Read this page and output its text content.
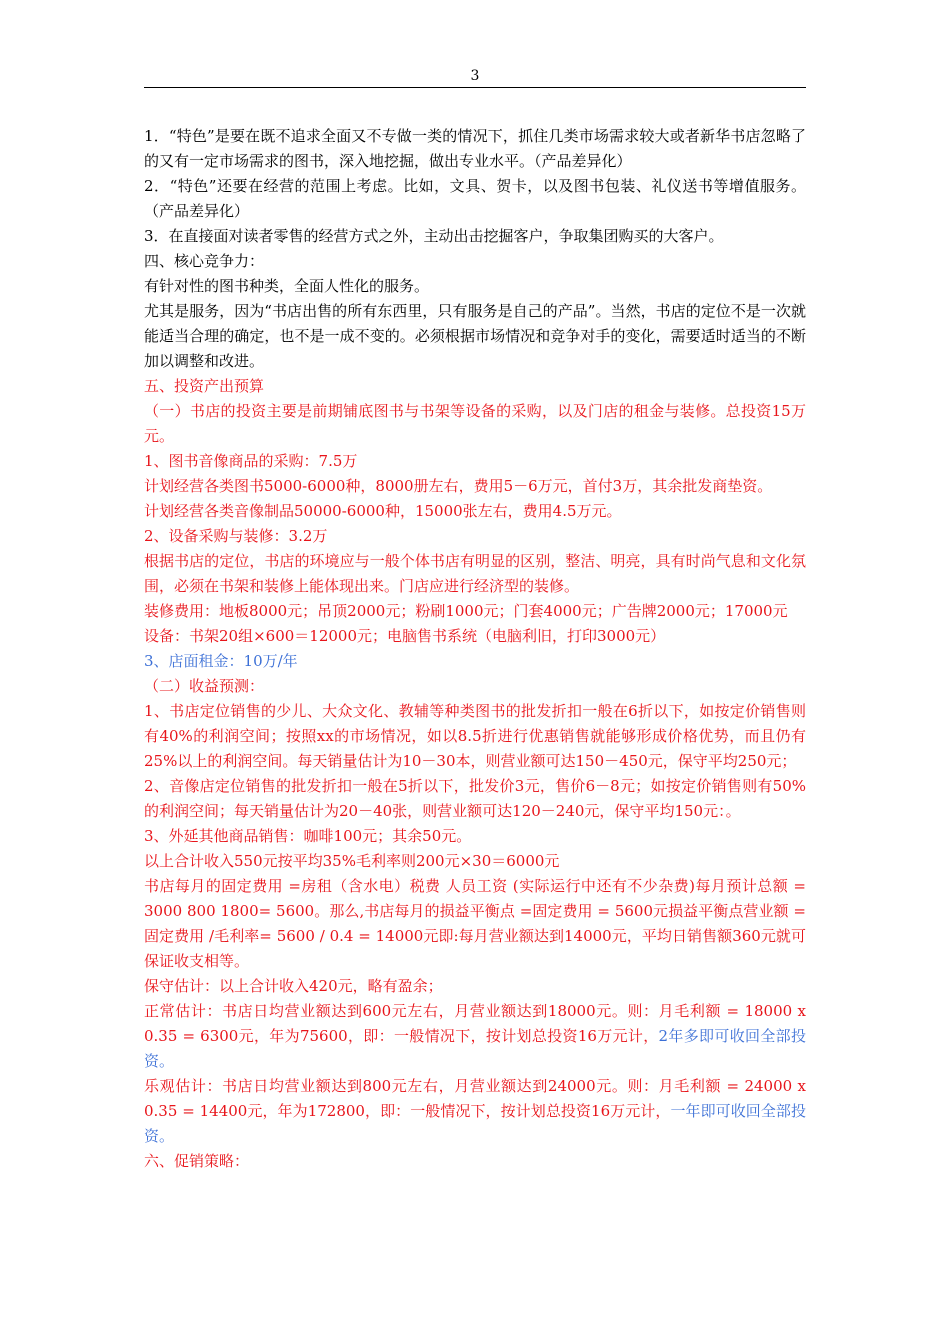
3

1．“特色”是要在既不追求全面又不专做一类的情况下，抓住几类市场需求较大或者新华书店忽略了的又有一定市场需求的图书，深入地挖掘，做出专业水平。（产品差异化）

2．“特色”还要在经营的范围上考虑。比如，文具、贺卡，以及图书包装、礼仪送书等增值服务。（产品差异化）

3．在直接面对读者零售的经营方式之外，主动出击挖掘客户，争取集团购买的大客户。

四、核心竞争力：

有针对性的图书种类，全面人性化的服务。

尤其是服务，因为“书店出售的所有东西里，只有服务是自己的产品”。当然，书店的定位不是一次就能适当合理的确定，也不是一成不变的。必须根据市场情况和竞争对手的变化，需要适时适当的不断加以调整和改进。

五、投资产出预算

（一）书店的投资主要是前期铺底图书与书架等设备的采购，以及门店的租金与装修。总投资15万元。

1、图书音像商品的采购：7.5万

计划经营各类图书5000-6000种，8000册左右，费用5－6万元，首付3万，其余批发商垫资。

计划经营各类音像制品50000-6000种，15000张左右，费用4.5万元。

2、设备采购与装修：3.2万

根据书店的定位，书店的环境应与一般个体书店有明显的区别，整洁、明亮，具有时尚气息和文化氛围，必须在书架和装修上能体现出来。门店应进行经济型的装修。

装修费用：地板8000元；吊顶2000元；粉刷1000元；门套4000元；广告牌2000元；17000元

设备：书架20组×600＝12000元；电脑售书系统（电脑利旧，打印3000元）

3、店面租金：10万/年

（二）收益预测：

1、书店定位销售的少儿、大众文化、教辅等种类图书的批发折扣一般在6折以下，如按定价销售则有40%的利润空间；按照xx的市场情况，如以8.5折进行优惠销售就能够形成价格优势，而且仍有25%以上的利润空间。每天销量估计为10－30本，则营业额可达150－450元，保守平均250元；

2、音像店定位销售的批发折扣一般在5折以下，批发价3元，售价6－8元；如按定价销售则有50%的利润空间；每天销量估计为20－40张，则营业额可达120－240元，保守平均150元：。

3、外延其他商品销售：咖啡100元；其余50元。

以上合计收入550元按平均35%毛利率则200元×30＝6000元

书店每月的固定费用 =房租（含水电）税费 人员工资 (实际运行中还有不少杂费)每月预计总额 = 3000 800 1800= 5600。那么,书店每月的损益平衡点 =固定费用 = 5600元损益平衡点营业额 =固定费用 /毛利率= 5600 / 0.4 = 14000元即:每月营业额达到14000元，平均日销售额360元就可保证收支相等。

保守估计：以上合计收入420元，略有盈余；

正常估计：书店日均营业额达到600元左右，月营业额达到18000元。则：月毛利额 = 18000 x 0.35 = 6300元，年为75600，即：一般情况下，按计划总投资16万元计，2年多即可收回全部投资。

乐观估计：书店日均营业额达到800元左右，月营业额达到24000元。则：月毛利额 = 24000 x 0.35 = 14400元，年为172800，即：一般情况下，按计划总投资16万元计，一年即可收回全部投资。

六、促销策略：
